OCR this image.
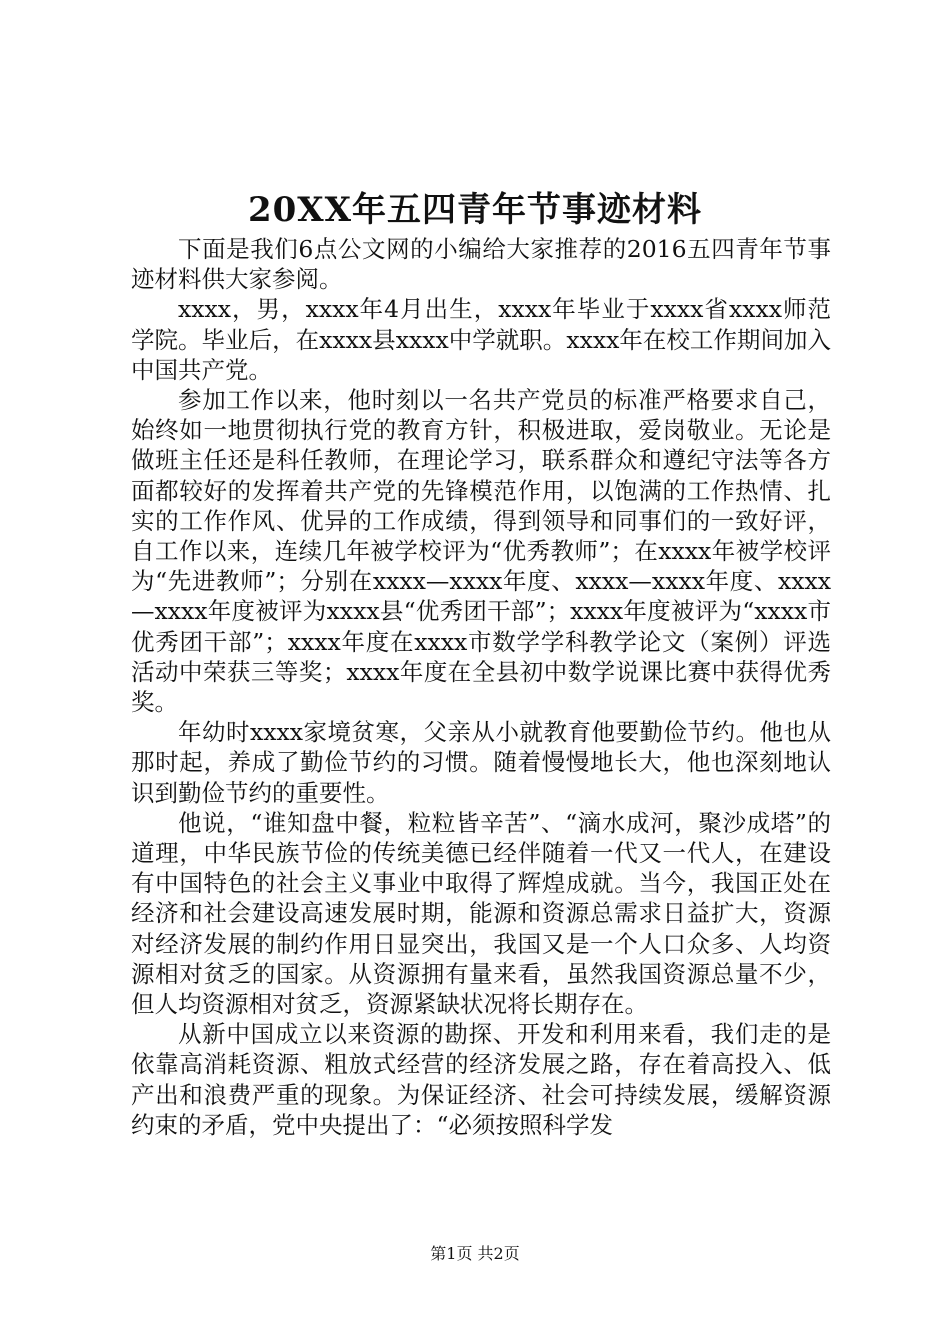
20XX年五四青年节事迹材料

下面是我们6点公文网的小编给大家推荐的2016五四青年节事迹材料供大家参阅。

xxxx，男，xxxx年4月出生，xxxx年毕业于xxxx省xxxx师范学院。毕业后，在xxxx县xxxx中学就职。xxxx年在校工作期间加入中国共产党。

参加工作以来，他时刻以一名共产党员的标准严格要求自己，始终如一地贯彻执行党的教育方针，积极进取，爱岗敬业。无论是做班主任还是科任教师，在理论学习，联系群众和遵纪守法等各方面都较好的发挥着共产党的先锋模范作用，以饱满的工作热情、扎实的工作作风、优异的工作成绩，得到领导和同事们的一致好评，自工作以来，连续几年被学校评为“优秀教师”；在xxxx年被学校评为“先进教师”；分别在xxxx—xxxx年度、xxxx—xxxx年度、xxxx—xxxx年度被评为xxxx县“优秀团干部”；xxxx年度被评为“xxxx市优秀团干部”；xxxx年度在xxxx市数学学科教学论文（案例）评选活动中荣获三等奖；xxxx年度在全县初中数学说课比赛中获得优秀奖。

年幼时xxxx家境贫寒，父亲从小就教育他要勤俭节约。他也从那时起，养成了勤俭节约的习惯。随着慢慢地长大，他也深刻地认识到勤俭节约的重要性。

他说，“谁知盘中餐，粒粒皆辛苦”、“滴水成河，聚沙成塔”的道理，中华民族节俭的传统美德已经伴随着一代又一代人，在建设有中国特色的社会主义事业中取得了辉煌成就。当今，我国正处在经济和社会建设高速发展时期，能源和资源总需求日益扩大，资源对经济发展的制约作用日显突出，我国又是一个人口众多、人均资源相对贫乏的国家。从资源拥有量来看，虽然我国资源总量不少，但人均资源相对贫乏，资源紧缺状况将长期存在。

从新中国成立以来资源的勘探、开发和利用来看，我们走的是依靠高消耗资源、粗放式经营的经济发展之路，存在着高投入、低产出和浪费严重的现象。为保证经济、社会可持续发展，缓解资源约束的矛盾，党中央提出了：“必须按照科学发

第1页 共2页
